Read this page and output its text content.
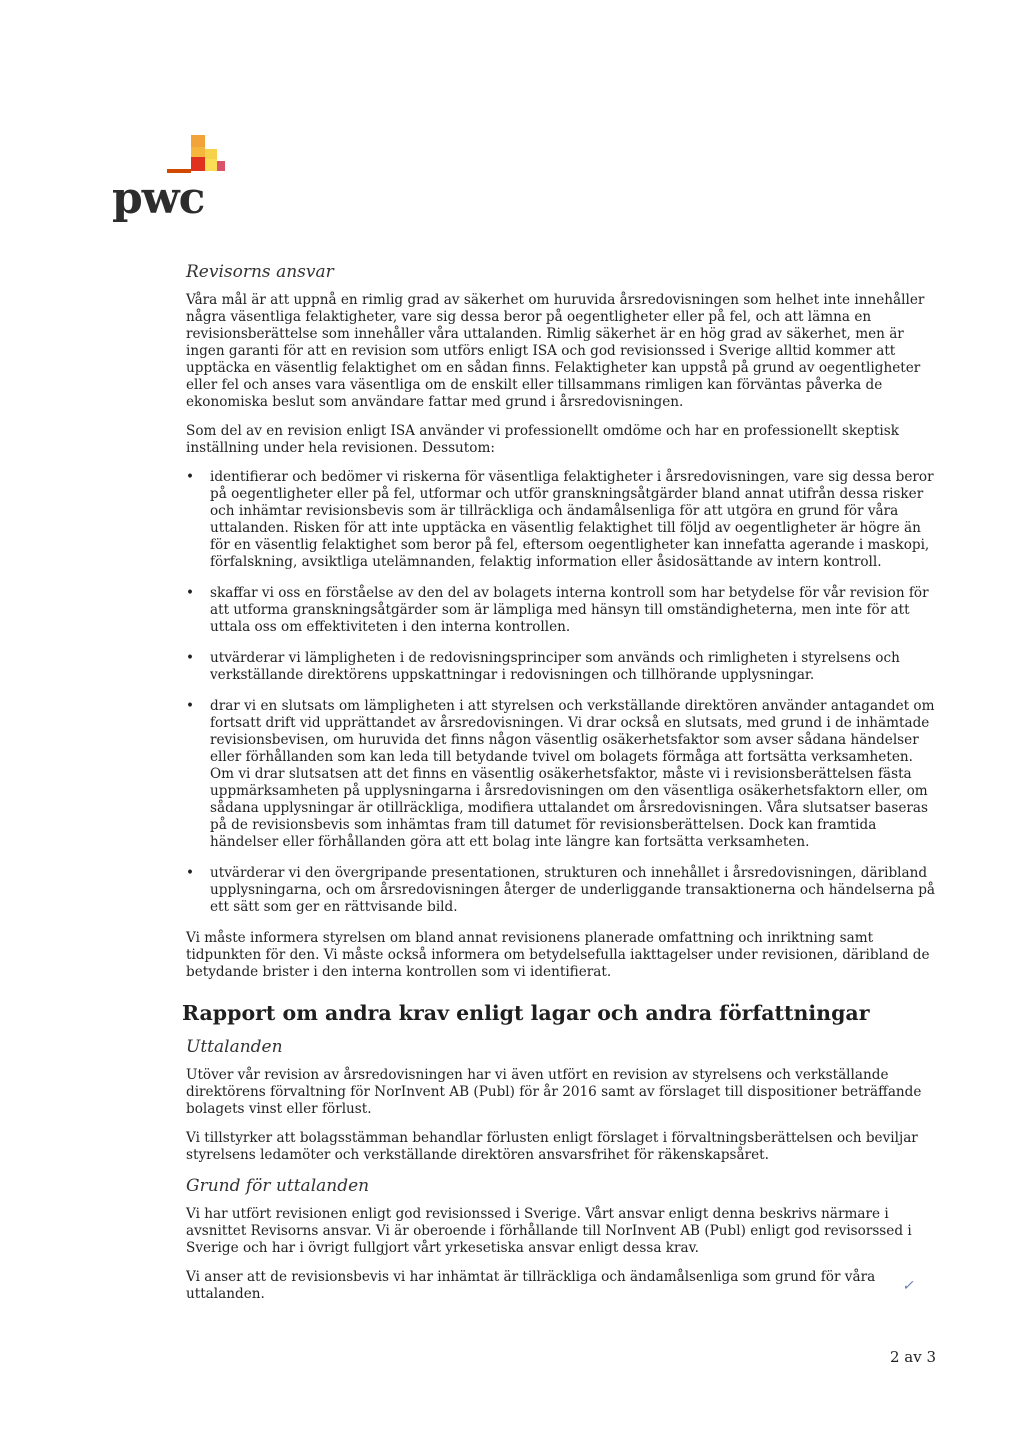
pwc
Revisorns ansvar

Våra mål är att uppnå en rimlig grad av säkerhet om huruvida årsredovisningen som helhet inte innehåller några väsentliga felaktigheter, vare sig dessa beror på oegentligheter eller på fel, och att lämna en revisionsberättelse som innehåller våra uttalanden. Rimlig säkerhet är en hög grad av säkerhet, men är ingen garanti för att en revision som utförs enligt ISA och god revisionssed i Sverige alltid kommer att upptäcka en väsentlig felaktighet om en sådan finns. Felaktigheter kan uppstå på grund av oegentligheter eller fel och anses vara väsentliga om de enskilt eller tillsammans rimligen kan förväntas påverka de ekonomiska beslut som användare fattar med grund i årsredovisningen.

Som del av en revision enligt ISA använder vi professionellt omdöme och har en professionellt skeptisk inställning under hela revisionen. Dessutom:

• identifierar och bedömer vi riskerna för väsentliga felaktigheter i årsredovisningen, vare sig dessa beror på oegentligheter eller på fel, utformar och utför granskningsåtgärder bland annat utifrån dessa risker och inhämtar revisionsbevis som är tillräckliga och ändamålsenliga för att utgöra en grund för våra uttalanden. Risken för att inte upptäcka en väsentlig felaktighet till följd av oegentligheter är högre än för en väsentlig felaktighet som beror på fel, eftersom oegentligheter kan innefatta agerande i maskopi, förfalskning, avsiktliga utelämnanden, felaktig information eller åsidosättande av intern kontroll.
• skaffar vi oss en förståelse av den del av bolagets interna kontroll som har betydelse för vår revision för att utforma granskningsåtgärder som är lämpliga med hänsyn till omständigheterna, men inte för att uttala oss om effektiviteten i den interna kontrollen.
• utvärderar vi lämpligheten i de redovisningsprinciper som används och rimligheten i styrelsens och verkställande direktörens uppskattningar i redovisningen och tillhörande upplysningar.
• drar vi en slutsats om lämpligheten i att styrelsen och verkställande direktören använder antagandet om fortsatt drift vid upprättandet av årsredovisningen. Vi drar också en slutsats, med grund i de inhämtade revisionsbevisen, om huruvida det finns någon väsentlig osäkerhetsfaktor som avser sådana händelser eller förhållanden som kan leda till betydande tvivel om bolagets förmåga att fortsätta verksamheten. Om vi drar slutsatsen att det finns en väsentlig osäkerhetsfaktor, måste vi i revisionsberättelsen fästa uppmärksamheten på upplysningarna i årsredovisningen om den väsentliga osäkerhetsfaktorn eller, om sådana upplysningar är otillräckliga, modifiera uttalandet om årsredovisningen. Våra slutsatser baseras på de revisionsbevis som inhämtas fram till datumet för revisionsberättelsen. Dock kan framtida händelser eller förhållanden göra att ett bolag inte längre kan fortsätta verksamheten.
• utvärderar vi den övergripande presentationen, strukturen och innehållet i årsredovisningen, däribland upplysningarna, och om årsredovisningen återger de underliggande transaktionerna och händelserna på ett sätt som ger en rättvisande bild.

Vi måste informera styrelsen om bland annat revisionens planerade omfattning och inriktning samt tidpunkten för den. Vi måste också informera om betydelsefulla iakttagelser under revisionen, däribland de betydande brister i den interna kontrollen som vi identifierat.

Rapport om andra krav enligt lagar och andra författningar
Uttalanden

Utöver vår revision av årsredovisningen har vi även utfört en revision av styrelsens och verkställande direktörens förvaltning för NorInvent AB (Publ) för år 2016 samt av förslaget till dispositioner beträffande bolagets vinst eller förlust.

Vi tillstyrker att bolagsstämman behandlar förlusten enligt förslaget i förvaltningsberättelsen och beviljar styrelsens ledamöter och verkställande direktören ansvarsfrihet för räkenskapsåret.

Grund för uttalanden

Vi har utfört revisionen enligt god revisionssed i Sverige. Vårt ansvar enligt denna beskrivs närmare i avsnittet Revisorns ansvar. Vi är oberoende i förhållande till NorInvent AB (Publ) enligt god revisorssed i Sverige och har i övrigt fullgjort vårt yrkesetiska ansvar enligt dessa krav.

Vi anser att de revisionsbevis vi har inhämtat är tillräckliga och ändamålsenliga som grund för våra uttalanden.	✓
2 av 3
